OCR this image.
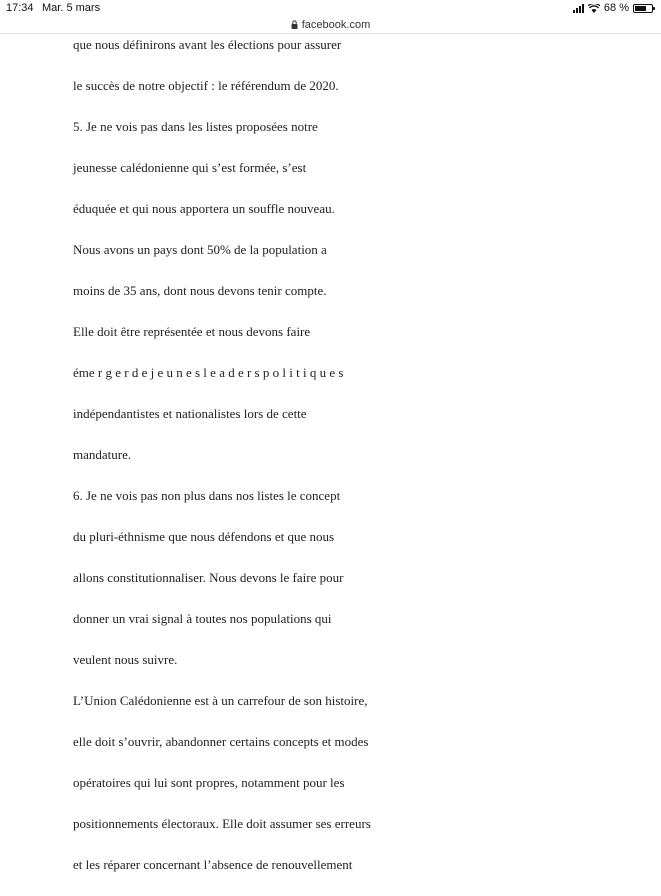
17:34 Mar. 5 mars	68 %
facebook.com
que nous définirons avant les élections pour assurer
le succès de notre objectif : le référendum de 2020.
5. Je ne vois pas dans les listes proposées notre
jeunesse calédonienne qui s’est formée, s’est
éduquée et qui nous apportera un souffle nouveau.
Nous avons un pays dont 50% de la population a
moins de 35 ans, dont nous devons tenir compte.
Elle doit être représentée et nous devons faire
éme r g e r d e j e u n e s l e a d e r s p o l i t i q u e s
indépendantistes et nationalistes lors de cette
mandature.
6. Je ne vois pas non plus dans nos listes le concept
du pluri-éthnisme que nous défendons et que nous
allons constitutionnaliser. Nous devons le faire pour
donner un vrai signal à toutes nos populations qui
veulent nous suivre.
L’Union Calédonienne est à un carrefour de son histoire,
elle doit s’ouvrir, abandonner certains concepts et modes
opératoires qui lui sont propres, notamment pour les
positionnements électoraux. Elle doit assumer ses erreurs
et les réparer concernant l’absence de renouvellement
